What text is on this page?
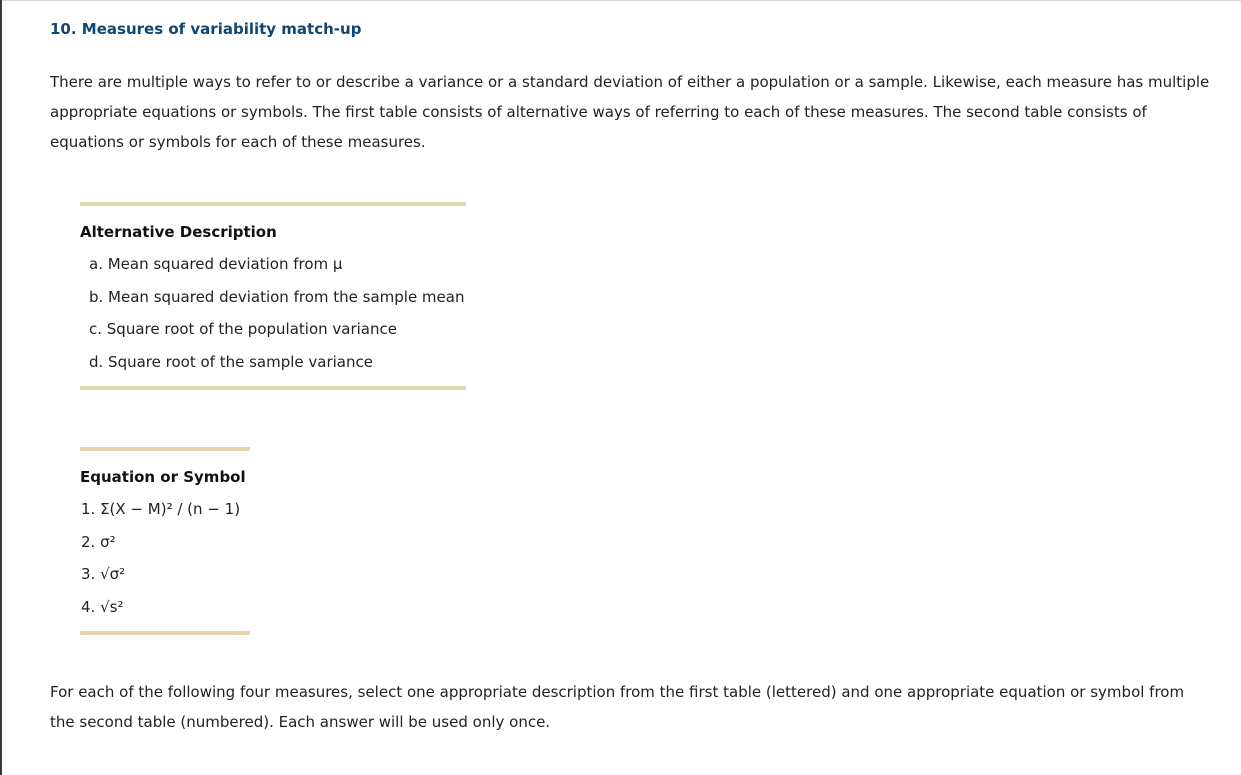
10. Measures of variability match-up

There are multiple ways to refer to or describe a variance or a standard deviation of either a population or a sample. Likewise, each measure has multiple appropriate equations or symbols. The first table consists of alternative ways of referring to each of these measures. The second table consists of equations or symbols for each of these measures.

Alternative Description
a. Mean squared deviation from μ
b. Mean squared deviation from the sample mean
c. Square root of the population variance
d. Square root of the sample variance
Equation or Symbol
1. Σ(X − M)² / (n − 1)
2. σ²
3. √σ²
4. √s²

For each of the following four measures, select one appropriate description from the first table (lettered) and one appropriate equation or symbol from the second table (numbered). Each answer will be used only once.
